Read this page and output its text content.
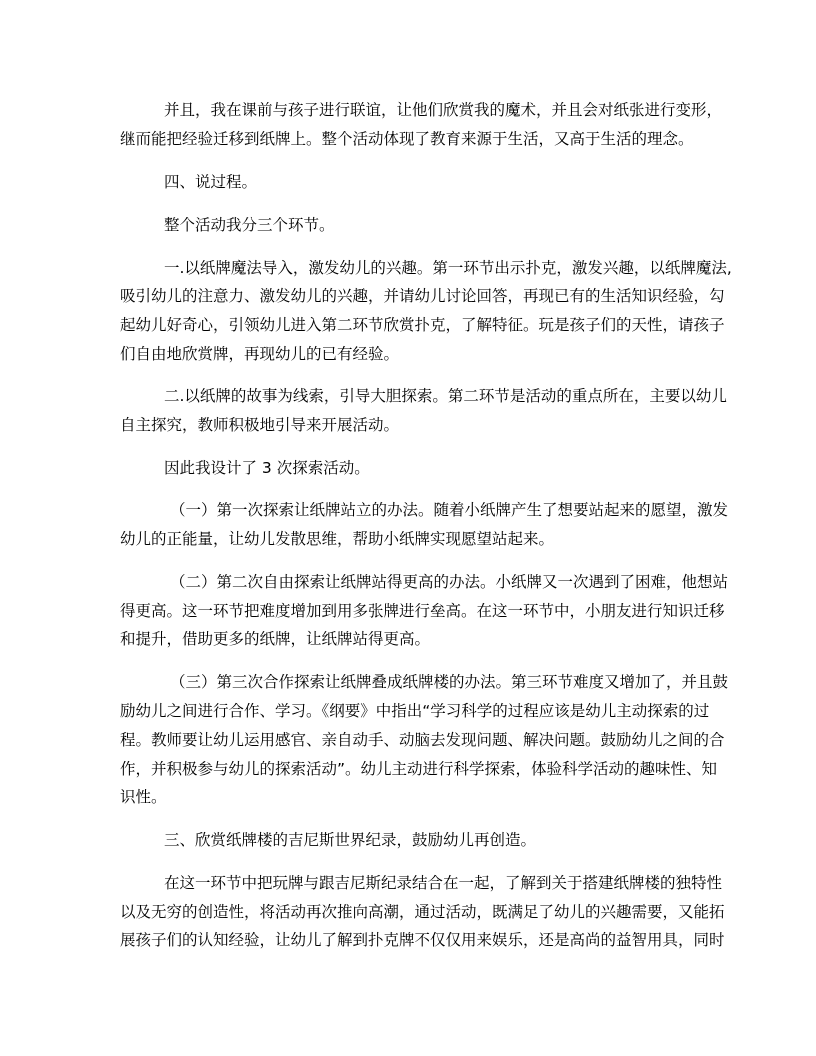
并且，我在课前与孩子进行联谊，让他们欣赏我的魔术，并且会对纸张进行变形，
继而能把经验迁移到纸牌上。整个活动体现了教育来源于生活，又高于生活的理念。
四、说过程。
整个活动我分三个环节。
一.以纸牌魔法导入，激发幼儿的兴趣。第一环节出示扑克，激发兴趣，以纸牌魔法,
吸引幼儿的注意力、激发幼儿的兴趣，并请幼儿讨论回答，再现已有的生活知识经验，勾
起幼儿好奇心，引领幼儿进入第二环节欣赏扑克，了解特征。玩是孩子们的天性，请孩子
们自由地欣赏牌，再现幼儿的已有经验。
二.以纸牌的故事为线索，引导大胆探索。第二环节是活动的重点所在，主要以幼儿
自主探究，教师积极地引导来开展活动。
因此我设计了 3 次探索活动。
（一）第一次探索让纸牌站立的办法。随着小纸牌产生了想要站起来的愿望，激发
幼儿的正能量，让幼儿发散思维，帮助小纸牌实现愿望站起来。
（二）第二次自由探索让纸牌站得更高的办法。小纸牌又一次遇到了困难，他想站
得更高。这一环节把难度增加到用多张牌进行垒高。在这一环节中，小朋友进行知识迁移
和提升，借助更多的纸牌，让纸牌站得更高。
（三）第三次合作探索让纸牌叠成纸牌楼的办法。第三环节难度又增加了，并且鼓
励幼儿之间进行合作、学习。《纲要》中指出“学习科学的过程应该是幼儿主动探索的过
程。教师要让幼儿运用感官、亲自动手、动脑去发现问题、解决问题。鼓励幼儿之间的合
作，并积极参与幼儿的探索活动”。幼儿主动进行科学探索，体验科学活动的趣味性、知
识性。
三、欣赏纸牌楼的吉尼斯世界纪录，鼓励幼儿再创造。
在这一环节中把玩牌与跟吉尼斯纪录结合在一起，了解到关于搭建纸牌楼的独特性
以及无穷的创造性，将活动再次推向高潮，通过活动，既满足了幼儿的兴趣需要，又能拓
展孩子们的认知经验，让幼儿了解到扑克牌不仅仅用来娱乐，还是高尚的益智用具，同时
